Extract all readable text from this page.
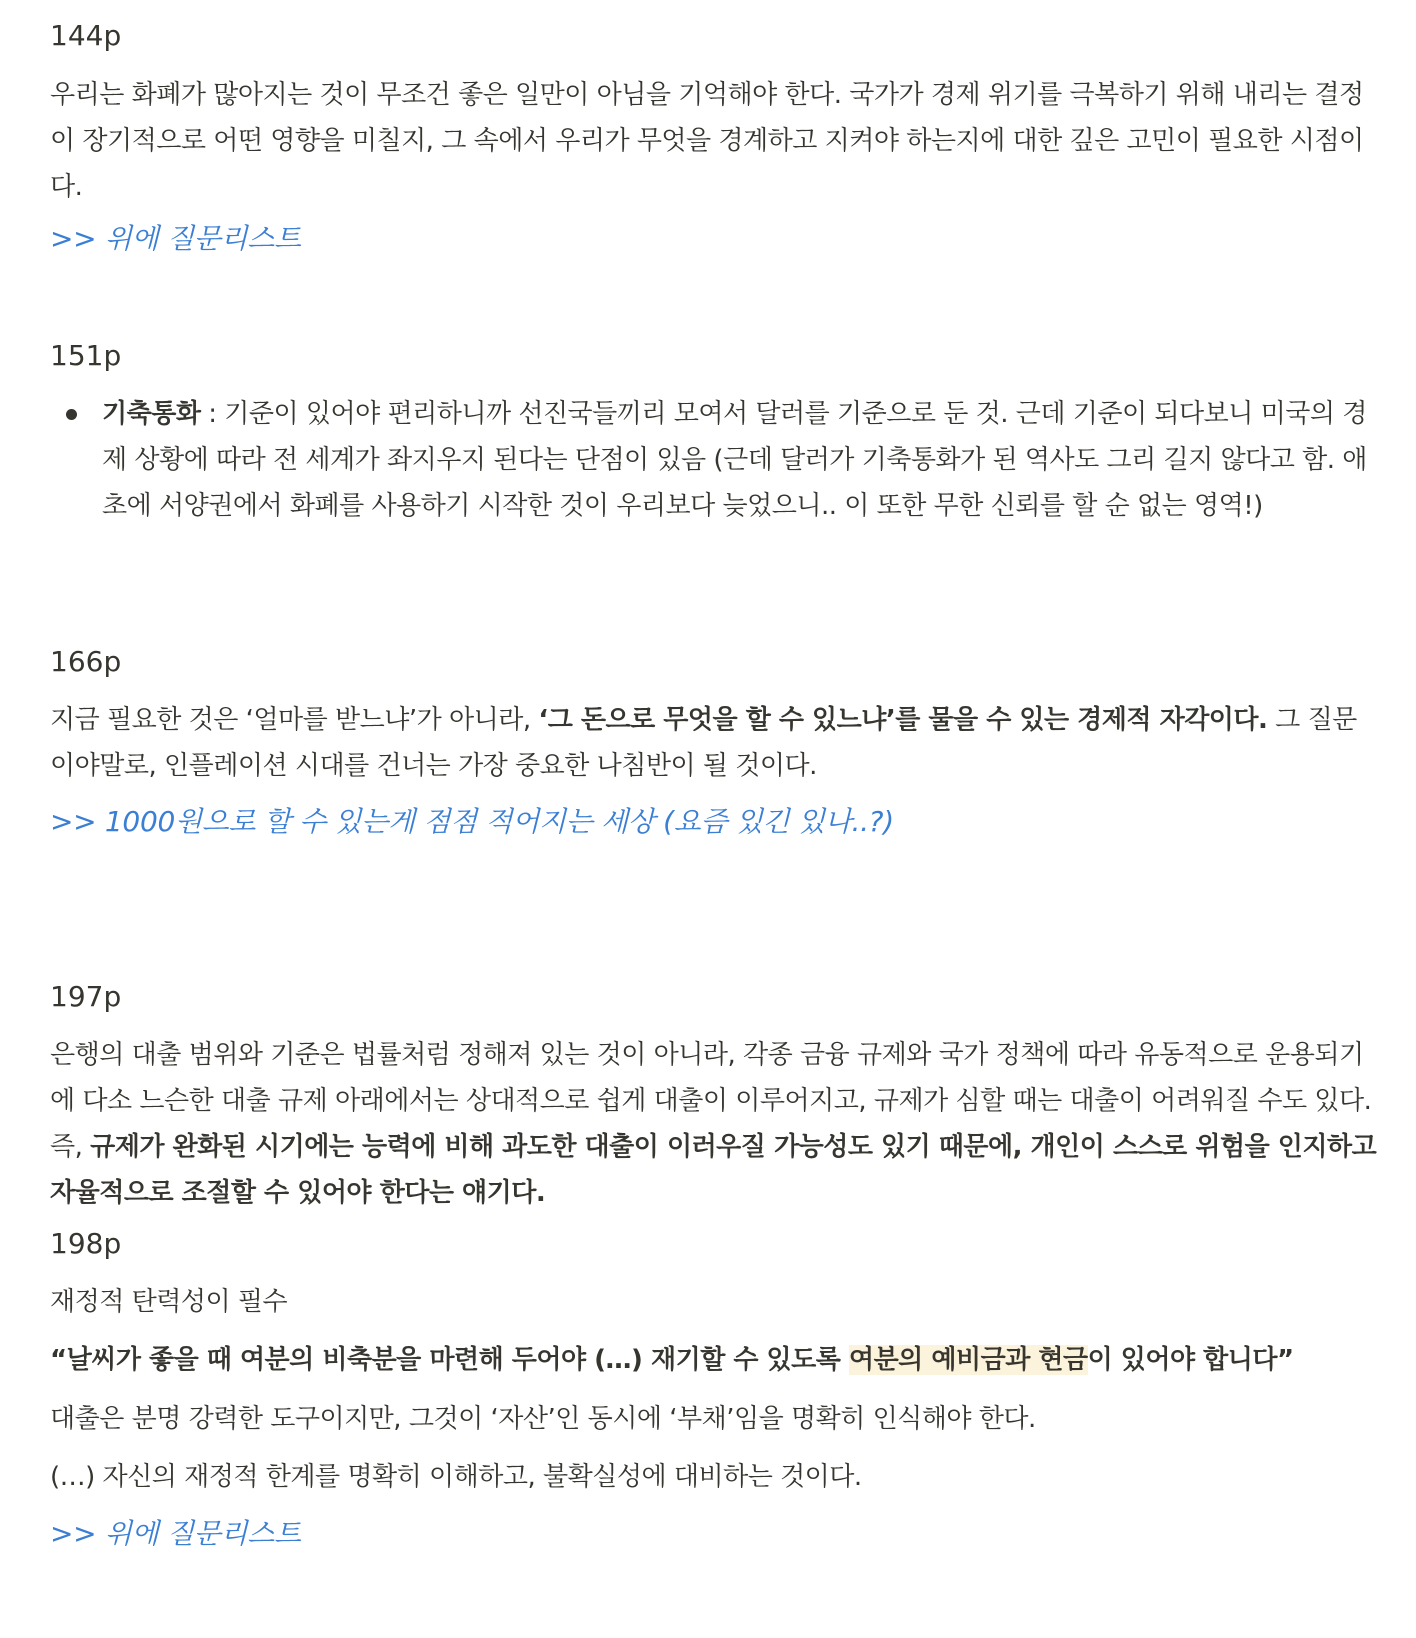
144p

우리는 화폐가 많아지는 것이 무조건 좋은 일만이 아님을 기억해야 한다. 국가가 경제 위기를 극복하기 위해 내리는 결정이 장기적으로 어떤 영향을 미칠지, 그 속에서 우리가 무엇을 경계하고 지켜야 하는지에 대한 깊은 고민이 필요한 시점이다.

>> 위에 질문리스트

151p

기축통화 : 기준이 있어야 편리하니까 선진국들끼리 모여서 달러를 기준으로 둔 것. 근데 기준이 되다보니 미국의 경제 상황에 따라 전 세계가 좌지우지 된다는 단점이 있음 (근데 달러가 기축통화가 된 역사도 그리 길지 않다고 함. 애초에 서양권에서 화폐를 사용하기 시작한 것이 우리보다 늦었으니.. 이 또한 무한 신뢰를 할 순 없는 영역!)

166p

지금 필요한 것은 ‘얼마를 받느냐’가 아니라, ‘그 돈으로 무엇을 할 수 있느냐’를 물을 수 있는 경제적 자각이다. 그 질문이야말로, 인플레이션 시대를 건너는 가장 중요한 나침반이 될 것이다.

>> 1000원으로 할 수 있는게 점점 적어지는 세상 (요즘 있긴 있나..?)

197p

은행의 대출 범위와 기준은 법률처럼 정해져 있는 것이 아니라, 각종 금융 규제와 국가 정책에 따라 유동적으로 운용되기에 다소 느슨한 대출 규제 아래에서는 상대적으로 쉽게 대출이 이루어지고, 규제가 심할 때는 대출이 어려워질 수도 있다. 즉, 규제가 완화된 시기에는 능력에 비해 과도한 대출이 이러우질 가능성도 있기 때문에, 개인이 스스로 위험을 인지하고 자율적으로 조절할 수 있어야 한다는 얘기다.

198p

재정적 탄력성이 필수

“날씨가 좋을 때 여분의 비축분을 마련해 두어야 (…) 재기할 수 있도록 여분의 예비금과 현금이 있어야 합니다”

대출은 분명 강력한 도구이지만, 그것이 ‘자산’인 동시에 ‘부채’임을 명확히 인식해야 한다.

(…) 자신의 재정적 한계를 명확히 이해하고, 불확실성에 대비하는 것이다.

>> 위에 질문리스트
